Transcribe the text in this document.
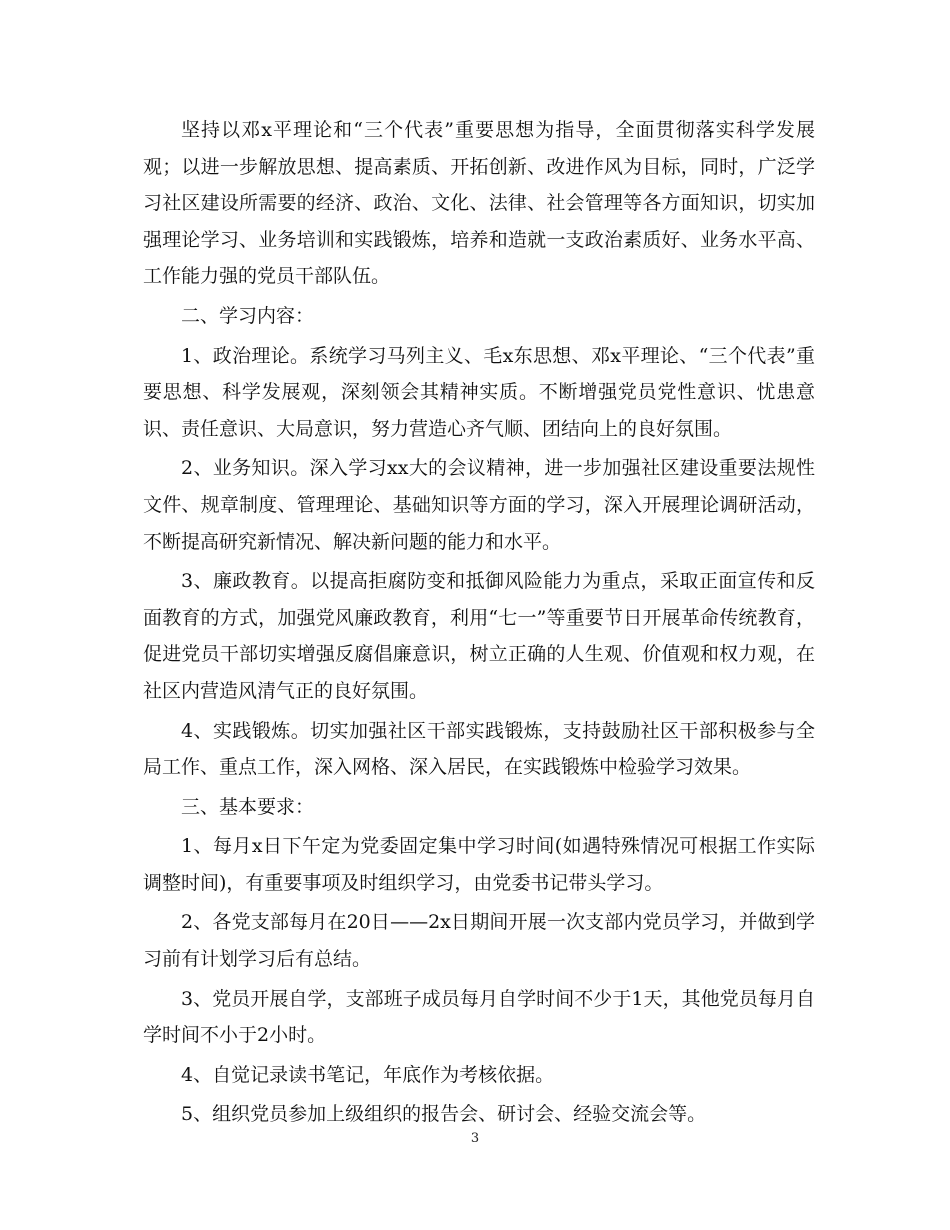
坚持以邓x平理论和“三个代表”重要思想为指导，全面贯彻落实科学发展观；以进一步解放思想、提高素质、开拓创新、改进作风为目标，同时，广泛学习社区建设所需要的经济、政治、文化、法律、社会管理等各方面知识，切实加强理论学习、业务培训和实践锻炼，培养和造就一支政治素质好、业务水平高、工作能力强的党员干部队伍。

二、学习内容：

1、政治理论。系统学习马列主义、毛x东思想、邓x平理论、“三个代表”重要思想、科学发展观，深刻领会其精神实质。不断增强党员党性意识、忧患意识、责任意识、大局意识，努力营造心齐气顺、团结向上的良好氛围。

2、业务知识。深入学习xx大的会议精神，进一步加强社区建设重要法规性文件、规章制度、管理理论、基础知识等方面的学习，深入开展理论调研活动，不断提高研究新情况、解决新问题的能力和水平。

3、廉政教育。以提高拒腐防变和抵御风险能力为重点，采取正面宣传和反面教育的方式，加强党风廉政教育，利用“七一”等重要节日开展革命传统教育，促进党员干部切实增强反腐倡廉意识，树立正确的人生观、价值观和权力观，在社区内营造风清气正的良好氛围。

4、实践锻炼。切实加强社区干部实践锻炼，支持鼓励社区干部积极参与全局工作、重点工作，深入网格、深入居民，在实践锻炼中检验学习效果。

三、基本要求：

1、每月x日下午定为党委固定集中学习时间(如遇特殊情况可根据工作实际调整时间)，有重要事项及时组织学习，由党委书记带头学习。

2、各党支部每月在20日——2x日期间开展一次支部内党员学习，并做到学习前有计划学习后有总结。

3、党员开展自学，支部班子成员每月自学时间不少于1天，其他党员每月自学时间不小于2小时。

4、自觉记录读书笔记，年底作为考核依据。

5、组织党员参加上级组织的报告会、研讨会、经验交流会等。

3
